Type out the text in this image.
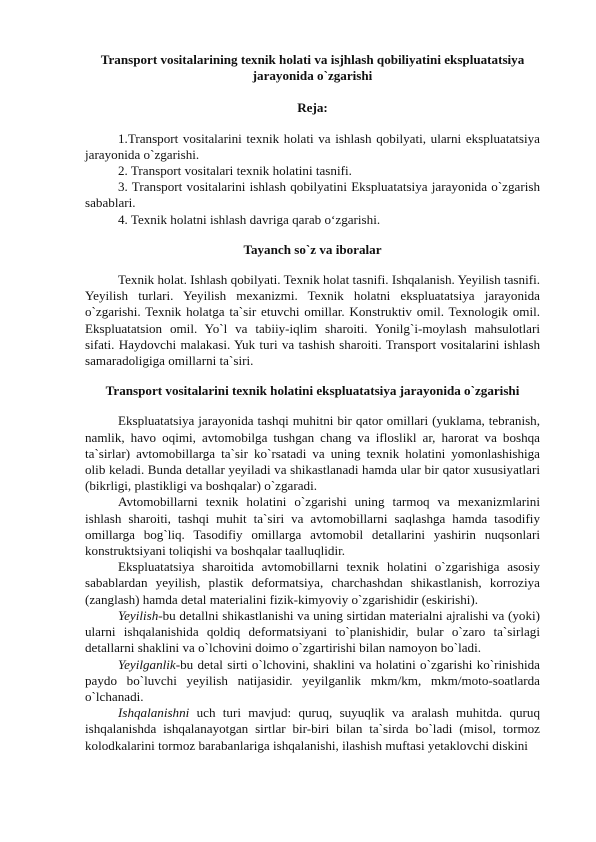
Transport vositalarining texnik holati va isjhlash qobiliyatini ekspluatatsiya jarayonida o`zgarishi

Reja:

1.Transport vositalarini texnik holati va ishlash qobilyati, ularni ekspluatatsiya jarayonida o`zgarishi.

2. Transport vositalari texnik holatini tasnifi.

3. Transport vositalarini ishlash qobilyatini Ekspluatatsiya jarayonida o`zgarish sabablari.

4. Texnik holatni ishlash davriga qarab oʻzgarishi.

Tayanch so`z va iboralar

Texnik holat. Ishlash qobilyati. Texnik holat tasnifi. Ishqalanish. Yeyilish tasnifi. Yeyilish turlari. Yeyilish mexanizmi. Texnik holatni ekspluatatsiya jarayonida o`zgarishi. Texnik holatga ta`sir etuvchi omillar. Konstruktiv omil. Texnologik omil. Ekspluatatsion omil. Yo`l va tabiiy-iqlim sharoiti. Yonilg`i-moylash mahsulotlari sifati. Haydovchi malakasi. Yuk turi va tashish sharoiti. Transport vositalarini ishlash samaradoligiga omillarni ta`siri.

Transport vositalarini texnik holatini ekspluatatsiya jarayonida o`zgarishi

Ekspluatatsiya jarayonida tashqi muhitni bir qator omillari (yuklama, tebranish, namlik, havo oqimi, avtomobilga tushgan chang va ifloslikl ar, harorat va boshqa ta`sirlar) avtomobillarga ta`sir ko`rsatadi va uning texnik holatini yomonlashishiga olib keladi. Bunda detallar yeyiladi va shikastlanadi hamda ular bir qator xususiyatlari (bikrligi, plastikligi va boshqalar) o`zgaradi.

Avtomobillarni texnik holatini o`zgarishi uning tarmoq va mexanizmlarini ishlash sharoiti, tashqi muhit ta`siri va avtomobillarni saqlashga hamda tasodifiy omillarga bog`liq. Tasodifiy omillarga avtomobil detallarini yashirin nuqsonlari konstruktsiyani toliqishi va boshqalar taalluqlidir.

Ekspluatatsiya sharoitida avtomobillarni texnik holatini o`zgarishiga asosiy sabablardan yeyilish, plastik deformatsiya, charchashdan shikastlanish, korroziya (zanglash) hamda detal materialini fizik-kimyoviy o`zgarishidir (eskirishi).

Yeyilish-bu detallni shikastlanishi va uning sirtidan materialni ajralishi va (yoki) ularni ishqalanishida qoldiq deformatsiyani to`planishidir, bular o`zaro ta`sirlagi detallarni shaklini va o`lchovini doimo o`zgartirishi bilan namoyon bo`ladi.

Yeyilganlik-bu detal sirti o`lchovini, shaklini va holatini o`zgarishi ko`rinishida paydo bo`luvchi yeyilish natijasidir. yeyilganlik mkm/km, mkm/moto-soatlarda o`lchanadi.

Ishqalanishni uch turi mavjud: quruq, suyuqlik va aralash muhitda. quruq ishqalanishda ishqalanayotgan sirtlar bir-biri bilan ta`sirda bo`ladi (misol, tormoz kolodkalarini tormoz barabanlariga ishqalanishi, ilashish muftasi yetaklovchi diskini
